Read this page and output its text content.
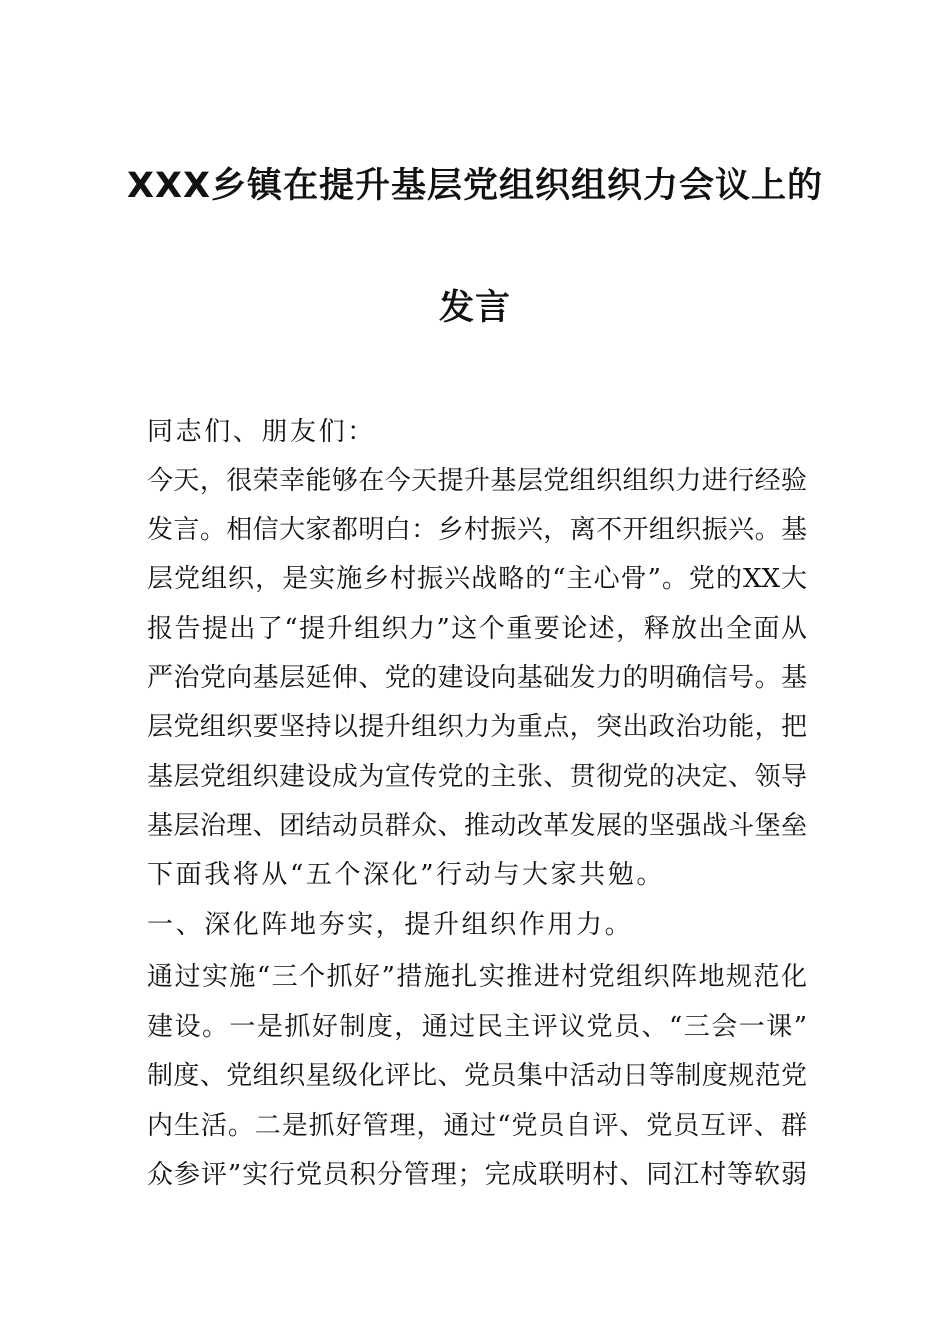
XXX乡镇在提升基层党组织组织力会议上的
发言
同志们、朋友们：
今天，很荣幸能够在今天提升基层党组织组织力进行经验
发言。相信大家都明白：乡村振兴，离不开组织振兴。基
层党组织，是实施乡村振兴战略的“主心骨”。党的XX大
报告提出了“提升组织力”这个重要论述，释放出全面从
严治党向基层延伸、党的建设向基础发力的明确信号。基
层党组织要坚持以提升组织力为重点，突出政治功能，把
基层党组织建设成为宣传党的主张、贯彻党的决定、领导
基层治理、团结动员群众、推动改革发展的坚强战斗堡垒
下面我将从“五个深化”行动与大家共勉。
一、深化阵地夯实，提升组织作用力。
通过实施“三个抓好”措施扎实推进村党组织阵地规范化
建设。一是抓好制度，通过民主评议党员、“三会一课”
制度、党组织星级化评比、党员集中活动日等制度规范党
内生活。二是抓好管理，通过“党员自评、党员互评、群
众参评”实行党员积分管理；完成联明村、同江村等软弱
